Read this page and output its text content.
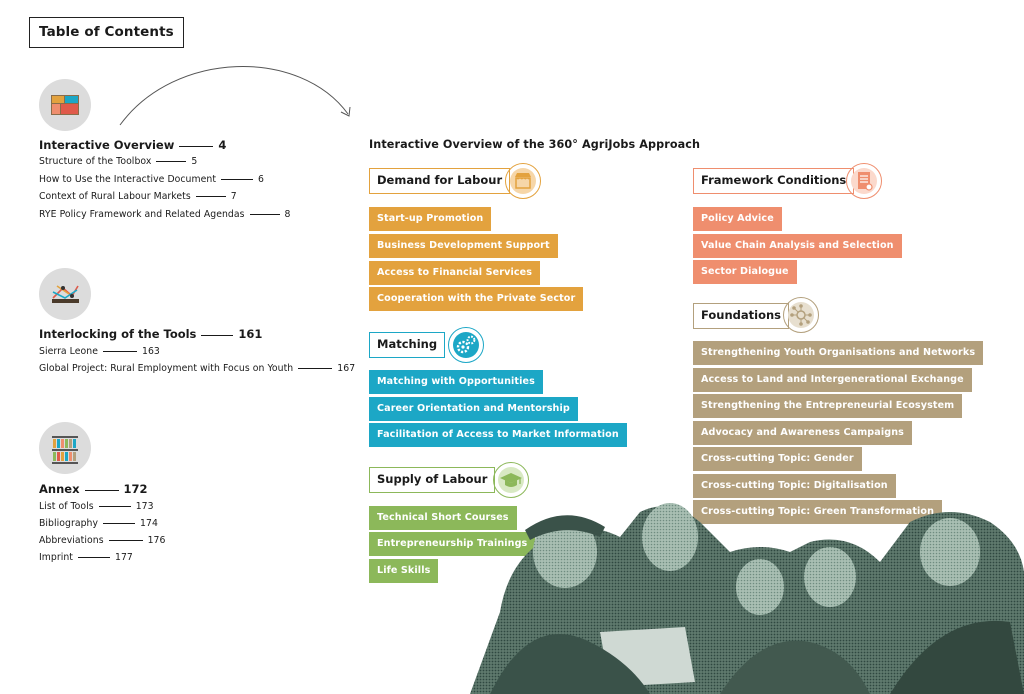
Table of Contents
Interactive Overview	4
Structure of the Toolbox	5
How to Use the Interactive Document	6
Context of Rural Labour Markets	7
RYE Policy Framework and Related Agendas	8
Interlocking of the Tools	161
Sierra Leone	163
Global Project: Rural Employment with Focus on Youth	167
Annex	172
List of Tools	173
Bibliography	174
Abbreviations	176
Imprint	177
Interactive Overview of the 360° AgriJobs Approach
Demand for Labour
Start-up Promotion
Business Development Support
Access to Financial Services
Cooperation with the Private Sector
Matching
Matching with Opportunities
Career Orientation and Mentorship
Facilitation of Access to Market Information
Supply of Labour
Technical Short Courses
Entrepreneurship Trainings
Life Skills
Framework Conditions
Policy Advice
Value Chain Analysis and Selection
Sector Dialogue
Foundations
Strengthening Youth Organisations and Networks
Access to Land and Intergenerational Exchange
Strengthening the Entrepreneurial Ecosystem
Advocacy and Awareness Campaigns
Cross-cutting Topic: Gender
Cross-cutting Topic: Digitalisation
Cross-cutting Topic: Green Transformation
